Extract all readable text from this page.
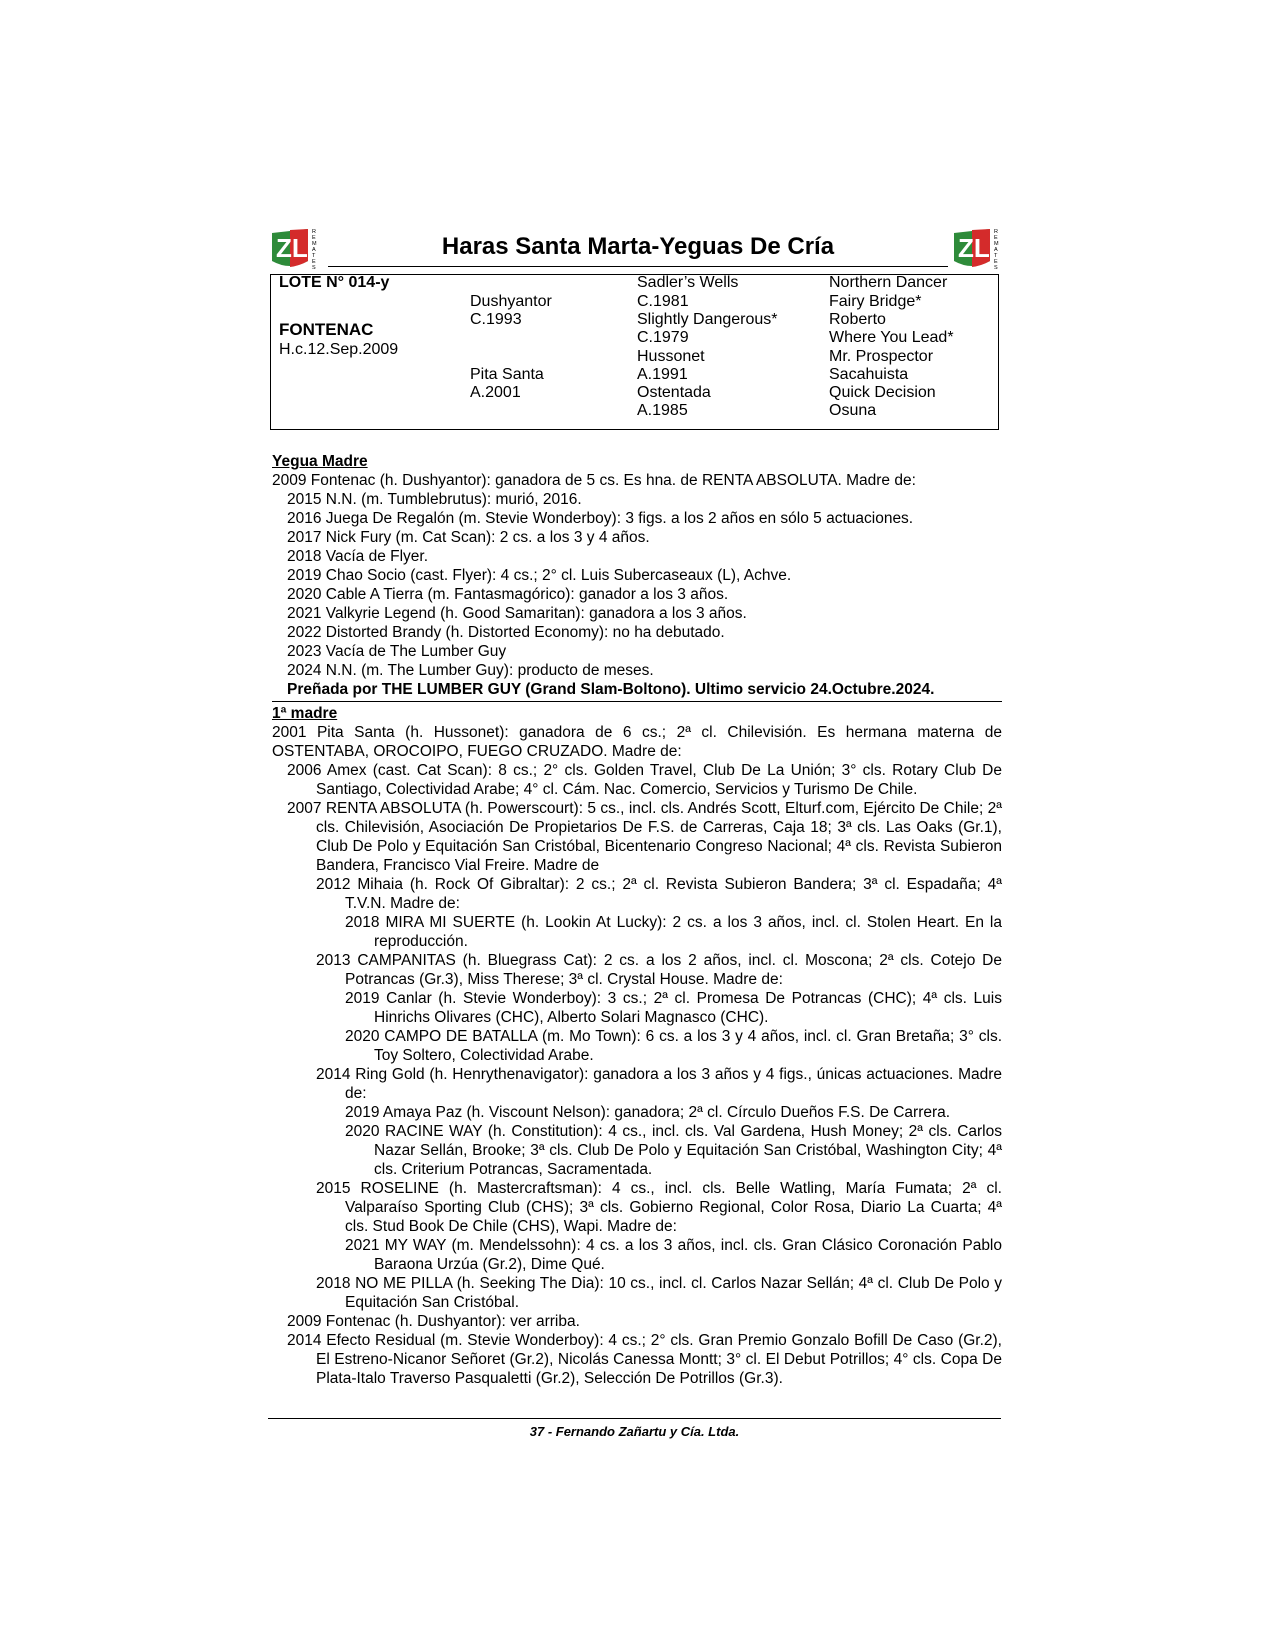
ZL
R
E
M
A
T
E
S
Haras Santa Marta-Yeguas De Cría	ZL
R
E
M
A
T
E
S
LOTE N° 014-y
FONTENAC
H.c.12.Sep.2009
Dushyantor
C.1993
Pita Santa
A.2001
Sadler’s Wells
C.1981
Slightly Dangerous*
C.1979
Hussonet
A.1991
Ostentada
A.1985
Northern Dancer
Fairy Bridge*
Roberto
Where You Lead*
Mr. Prospector
Sacahuista
Quick Decision
Osuna
Yegua Madre
2009 Fontenac (h. Dushyantor): ganadora de 5 cs. Es hna. de RENTA ABSOLUTA. Madre de:
2015 N.N. (m. Tumblebrutus): murió, 2016.
2016 Juega De Regalón (m. Stevie Wonderboy): 3 figs. a los 2 años en sólo 5 actuaciones.
2017 Nick Fury (m. Cat Scan): 2 cs. a los 3 y 4 años.
2018 Vacía de Flyer.
2019 Chao Socio (cast. Flyer): 4 cs.; 2° cl. Luis Subercaseaux (L), Achve.
2020 Cable A Tierra (m. Fantasmagórico): ganador a los 3 años.
2021 Valkyrie Legend (h. Good Samaritan): ganadora a los 3 años.
2022 Distorted Brandy (h. Distorted Economy): no ha debutado.
2023 Vacía de The Lumber Guy
2024 N.N. (m. The Lumber Guy): producto de meses.
Preñada por THE LUMBER GUY (Grand Slam-Boltono). Ultimo servicio 24.Octubre.2024.
1ª madre
2001 Pita Santa (h. Hussonet): ganadora de 6 cs.; 2ª cl. Chilevisión. Es hermana materna de OSTENTABA, OROCOIPO, FUEGO CRUZADO. Madre de:
2006 Amex (cast. Cat Scan): 8 cs.; 2° cls. Golden Travel, Club De La Unión; 3° cls. Rotary Club De Santiago, Colectividad Arabe; 4° cl. Cám. Nac. Comercio, Servicios y Turismo De Chile.
2007 RENTA ABSOLUTA (h. Powerscourt): 5 cs., incl. cls. Andrés Scott, Elturf.com, Ejército De Chile; 2ª cls. Chilevisión, Asociación De Propietarios De F.S. de Carreras, Caja 18; 3ª cls. Las Oaks (Gr.1), Club De Polo y Equitación San Cristóbal, Bicentenario Congreso Nacional; 4ª cls. Revista Subieron Bandera, Francisco Vial Freire. Madre de
2012 Mihaia (h. Rock Of Gibraltar): 2 cs.; 2ª cl. Revista Subieron Bandera; 3ª cl. Espadaña; 4ª T.V.N. Madre de:
2018 MIRA MI SUERTE (h. Lookin At Lucky): 2 cs. a los 3 años, incl. cl. Stolen Heart. En la reproducción.
2013 CAMPANITAS (h. Bluegrass Cat): 2 cs. a los 2 años, incl. cl. Moscona; 2ª cls. Cotejo De Potrancas (Gr.3), Miss Therese; 3ª cl. Crystal House. Madre de:
2019 Canlar (h. Stevie Wonderboy): 3 cs.; 2ª cl. Promesa De Potrancas (CHC); 4ª cls. Luis Hinrichs Olivares (CHC), Alberto Solari Magnasco (CHC).
2020 CAMPO DE BATALLA (m. Mo Town): 6 cs. a los 3 y 4 años, incl. cl. Gran Bretaña; 3° cls. Toy Soltero, Colectividad Arabe.
2014 Ring Gold (h. Henrythenavigator): ganadora a los 3 años y 4 figs., únicas actuaciones. Madre de:
2019 Amaya Paz (h. Viscount Nelson): ganadora; 2ª cl. Círculo Dueños F.S. De Carrera.
2020 RACINE WAY (h. Constitution): 4 cs., incl. cls. Val Gardena, Hush Money; 2ª cls. Carlos Nazar Sellán, Brooke; 3ª cls. Club De Polo y Equitación San Cristóbal, Washington City; 4ª cls. Criterium Potrancas, Sacramentada.
2015 ROSELINE (h. Mastercraftsman): 4 cs., incl. cls. Belle Watling, María Fumata; 2ª cl. Valparaíso Sporting Club (CHS); 3ª cls. Gobierno Regional, Color Rosa, Diario La Cuarta; 4ª cls. Stud Book De Chile (CHS), Wapi. Madre de:
2021 MY WAY (m. Mendelssohn): 4 cs. a los 3 años, incl. cls. Gran Clásico Coronación Pablo Baraona Urzúa (Gr.2), Dime Qué.
2018 NO ME PILLA (h. Seeking The Dia): 10 cs., incl. cl. Carlos Nazar Sellán; 4ª cl. Club De Polo y Equitación San Cristóbal.
2009 Fontenac (h. Dushyantor): ver arriba.
2014 Efecto Residual (m. Stevie Wonderboy): 4 cs.; 2° cls. Gran Premio Gonzalo Bofill De Caso (Gr.2), El Estreno-Nicanor Señoret (Gr.2), Nicolás Canessa Montt; 3° cl. El Debut Potrillos; 4° cls. Copa De Plata-Italo Traverso Pasqualetti (Gr.2), Selección De Potrillos (Gr.3).
37 - Fernando Zañartu y Cía. Ltda.
